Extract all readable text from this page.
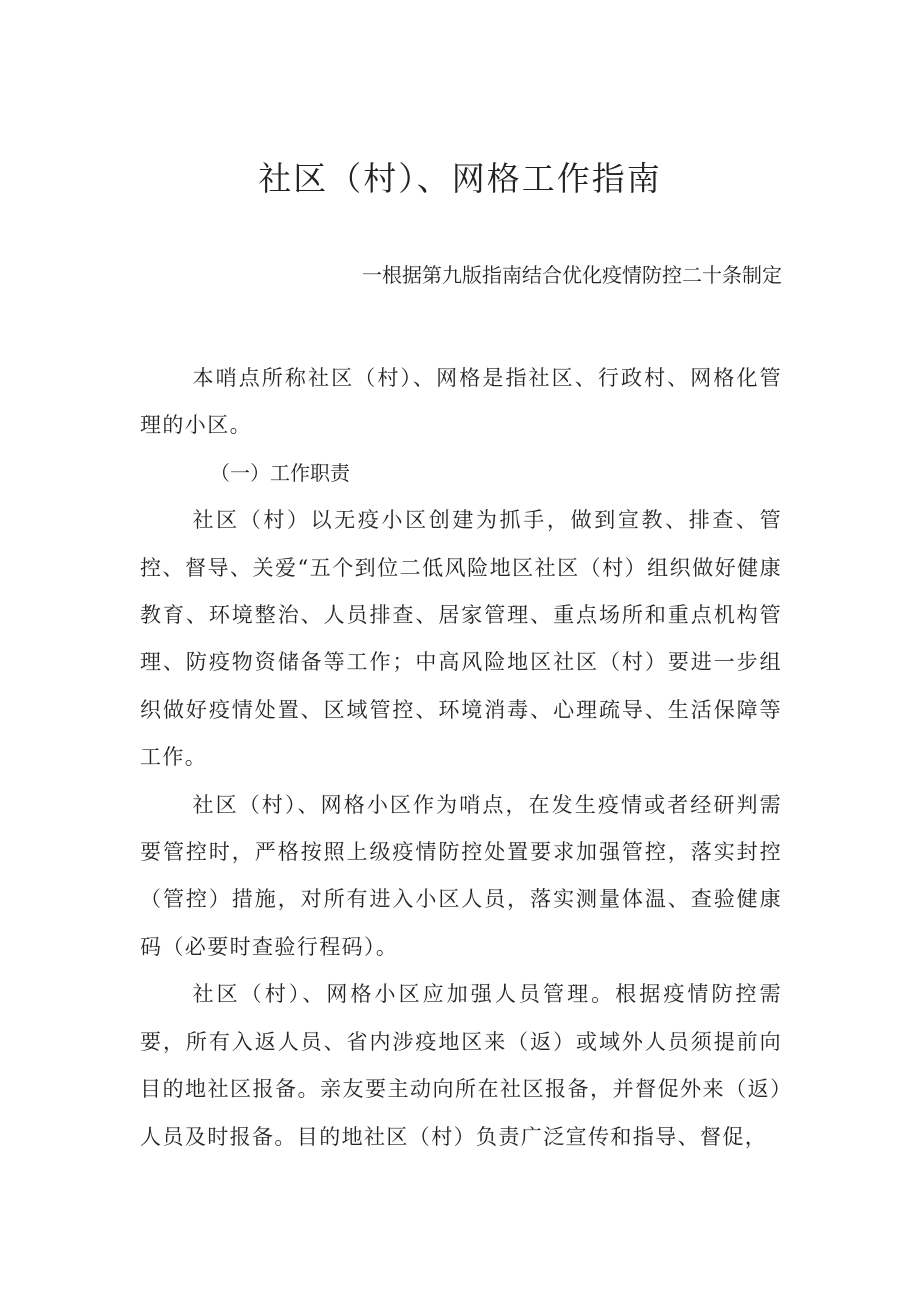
社区（村）、网格工作指南

一根据第九版指南结合优化疫情防控二十条制定

本哨点所称社区（村）、网格是指社区、行政村、网格化管理的小区。

（一）工作职责

社区（村）以无疫小区创建为抓手，做到宣教、排查、管控、督导、关爱“五个到位二低风险地区社区（村）组织做好健康教育、环境整治、人员排查、居家管理、重点场所和重点机构管理、防疫物资储备等工作；中高风险地区社区（村）要进一步组织做好疫情处置、区域管控、环境消毒、心理疏导、生活保障等工作。

社区（村）、网格小区作为哨点，在发生疫情或者经研判需要管控时，严格按照上级疫情防控处置要求加强管控，落实封控（管控）措施，对所有进入小区人员，落实测量体温、查验健康码（必要时查验行程码）。

社区（村）、网格小区应加强人员管理。根据疫情防控需要，所有入返人员、省内涉疫地区来（返）或域外人员须提前向目的地社区报备。亲友要主动向所在社区报备，并督促外来（返）人员及时报备。目的地社区（村）负责广泛宣传和指导、督促，
